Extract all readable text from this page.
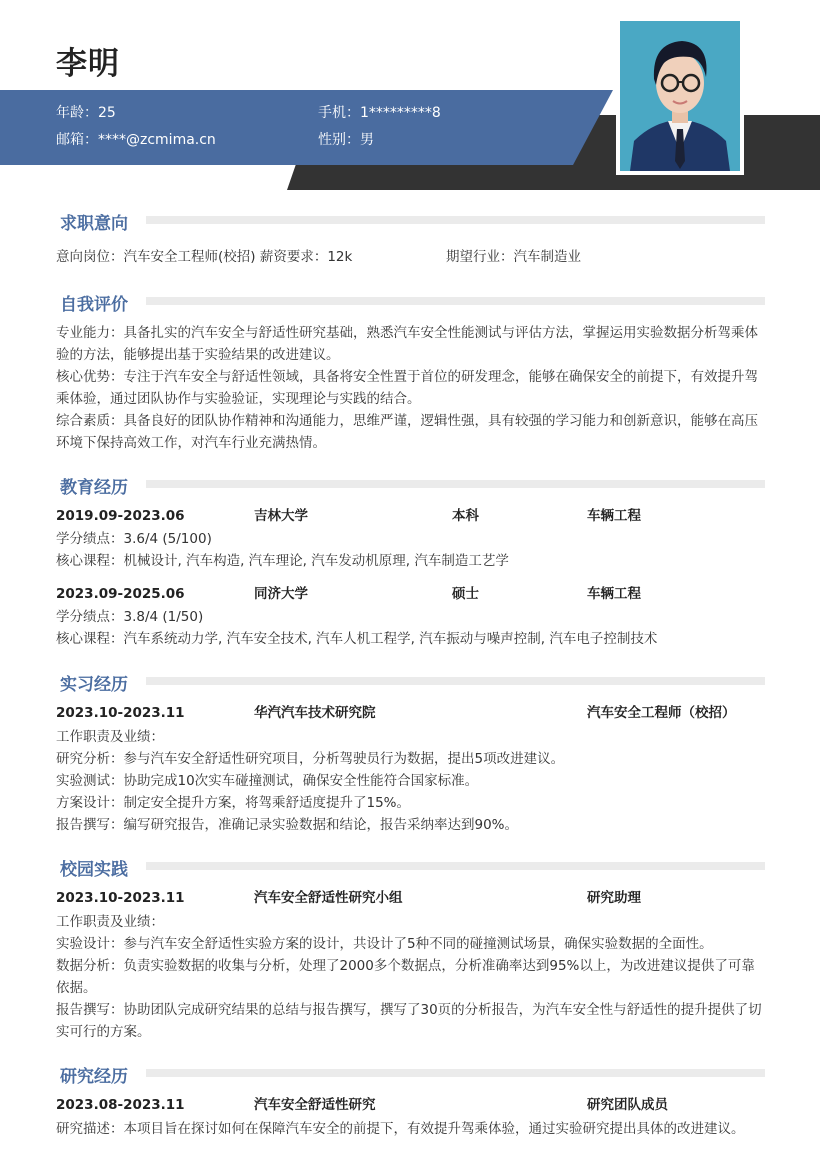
李明
年龄：25	手机：1*********8
邮箱：****@zcmima.cn	性别：男
求职意向
意向岗位：汽车安全工程师(校招) 薪资要求：12k	期望行业：汽车制造业
自我评价
专业能力：具备扎实的汽车安全与舒适性研究基础，熟悉汽车安全性能测试与评估方法，掌握运用实验数据分析驾乘体验的方法，能够提出基于实验结果的改进建议。
核心优势：专注于汽车安全与舒适性领域，具备将安全性置于首位的研发理念，能够在确保安全的前提下，有效提升驾乘体验，通过团队协作与实验验证，实现理论与实践的结合。
综合素质：具备良好的团队协作精神和沟通能力，思维严谨，逻辑性强，具有较强的学习能力和创新意识，能够在高压环境下保持高效工作，对汽车行业充满热情。
教育经历
2019.09-2023.06	吉林大学	本科	车辆工程
学分绩点：3.6/4 (5/100)
核心课程：机械设计, 汽车构造, 汽车理论, 汽车发动机原理, 汽车制造工艺学
2023.09-2025.06	同济大学	硕士	车辆工程
学分绩点：3.8/4 (1/50)
核心课程：汽车系统动力学, 汽车安全技术, 汽车人机工程学, 汽车振动与噪声控制, 汽车电子控制技术
实习经历
2023.10-2023.11	华汽汽车技术研究院	汽车安全工程师（校招）
工作职责及业绩：
研究分析：参与汽车安全舒适性研究项目，分析驾驶员行为数据，提出5项改进建议。
实验测试：协助完成10次实车碰撞测试，确保安全性能符合国家标准。
方案设计：制定安全提升方案，将驾乘舒适度提升了15%。
报告撰写：编写研究报告，准确记录实验数据和结论，报告采纳率达到90%。
校园实践
2023.10-2023.11	汽车安全舒适性研究小组	研究助理
工作职责及业绩：
实验设计：参与汽车安全舒适性实验方案的设计，共设计了5种不同的碰撞测试场景，确保实验数据的全面性。
数据分析：负责实验数据的收集与分析，处理了2000多个数据点，分析准确率达到95%以上，为改进建议提供了可靠依据。
报告撰写：协助团队完成研究结果的总结与报告撰写，撰写了30页的分析报告，为汽车安全性与舒适性的提升提供了切实可行的方案。
研究经历
2023.08-2023.11	汽车安全舒适性研究	研究团队成员
研究描述：本项目旨在探讨如何在保障汽车安全的前提下，有效提升驾乘体验，通过实验研究提出具体的改进建议。
